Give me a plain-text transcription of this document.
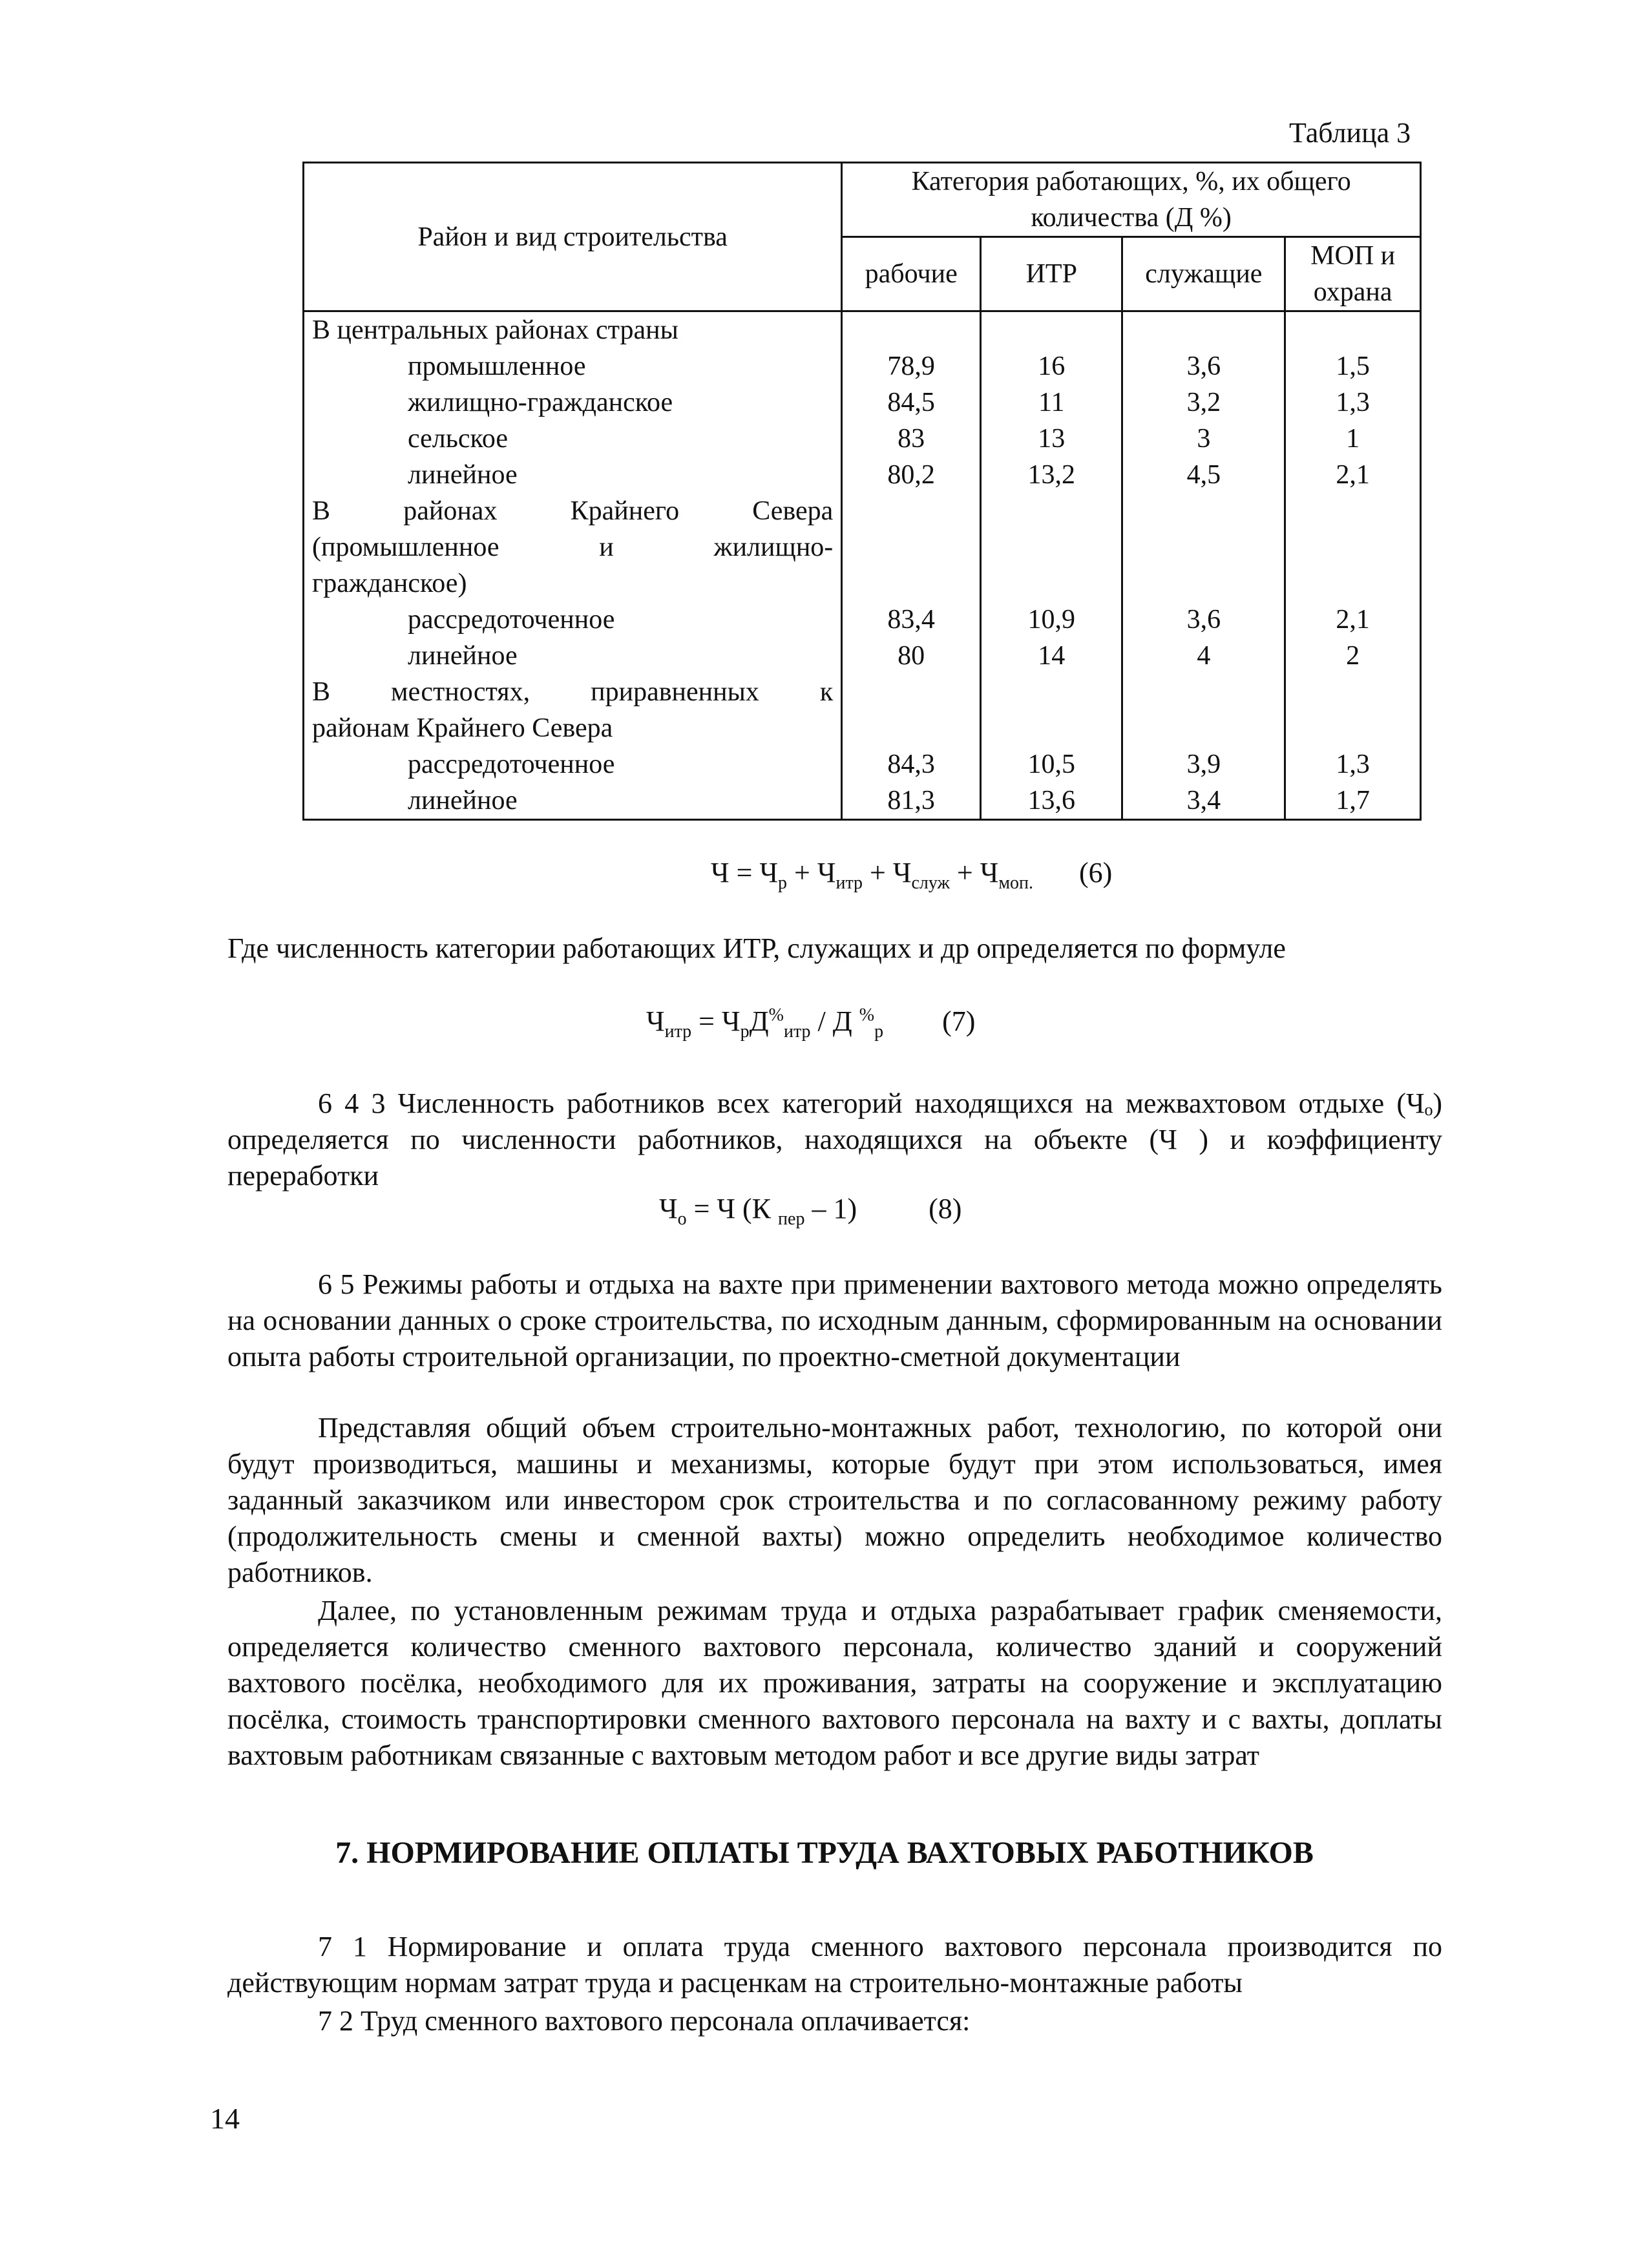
Таблица 3
Район и вид строительства	Категория работающих, %, их общего количества (Д %)			
	рабочие	ИТР	служащие	МОП и охрана
В центральных районах страны				
промышленное	78,9	16	3,6	1,5
жилищно-гражданское	84,5	11	3,2	1,3
сельское	83	13	3	1
линейное	80,2	13,2	4,5	2,1
В районах Крайнего Севера				
(промышленное и жилищно-				
гражданское)				
рассредоточенное	83,4	10,9	3,6	2,1
линейное	80	14	4	2
В местностях, приравненных к				
районам Крайнего Севера				
рассредоточенное	84,3	10,5	3,9	1,3
линейное	81,3	13,6	3,4	1,7
$Ч = Ч_р + Ч_{итр} + Ч_{служ} + Ч_{моп.}$ (6)
Где численность категории работающих ИТР, служащих и др определяется по формуле
$Ч_{итр} = Ч_рД^{\%}_{итр} / Д$ %$_р$ (7)
6 4 3 Численность работников всех категорий находящихся на межвахтовом отдыхе (Чₒ) определяется по численности работников, находящихся на объекте (Ч ) и коэффициенту переработки
$Ч_о = Ч$ (К $_{пер}$ – 1)	(8)
6 5 Режимы работы и отдыха на вахте при применении вахтового метода можно определять на основании данных о сроке строительства, по исходным данным, сформированным на основании опыта работы строительной организации, по проектно-сметной документации
Представляя общий объем строительно-монтажных работ, технологию, по которой они будут производиться, машины и механизмы, которые будут при этом использоваться, имея заданный заказчиком или инвестором срок строительства и по согласованному режиму работу (продолжительность смены и сменной вахты) можно определить необходимое количество работников.
Далее, по установленным режимам труда и отдыха разрабатывает график сменяемости, определяется количество сменного вахтового персонала, количество зданий и сооружений вахтового посёлка, необходимого для их проживания, затраты на сооружение и эксплуатацию посёлка, стоимость транспортировки сменного вахтового персонала на вахту и с вахты, доплаты вахтовым работникам связанные с вахтовым методом работ и все другие виды затрат
7. НОРМИРОВАНИЕ ОПЛАТЫ ТРУДА ВАХТОВЫХ РАБОТНИКОВ
7 1 Нормирование и оплата труда сменного вахтового персонала производится по действующим нормам затрат труда и расценкам на строительно-монтажные работы
7 2 Труд сменного вахтового персонала оплачивается:
14
